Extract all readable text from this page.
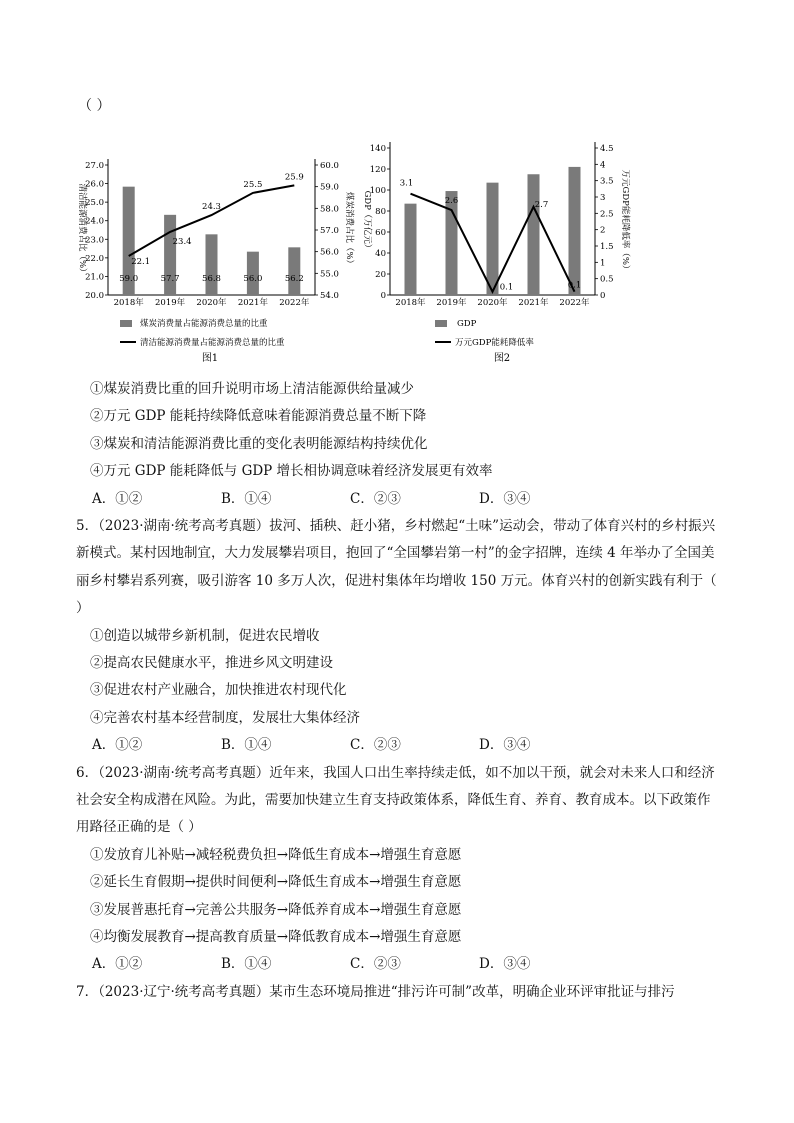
（ ）
20.0
21.0
22.0
23.0
24.0
25.0
26.0
27.0
54.0
55.0
56.0
57.0
58.0
59.0
60.0
2018年 2019年 2020年 2021年 2022年
清洁能源消费占比（%）	煤炭消费占比（%）
59.0	57.7	56.8	56.0	56.2
22.1
23.4
24.3
25.5
25.9
煤炭消费量占能源消费总量的比重
清洁能源消费量占能源消费总量的比重
图1
0
20
40
60
80
100
120
140
0
0.5
1
1.5
2
2.5
3
3.5
4
4.5
2018年 2019年 2020年 2021年 2022年
GDP（万亿元）	万元GDP能耗降低率（%）
3.1
2.6
0.1
2.7
0.1
GDP
万元GDP能耗降低率
图2
①煤炭消费比重的回升说明市场上清洁能源供给量减少
②万元 GDP 能耗持续降低意味着能源消费总量不断下降
③煤炭和清洁能源消费比重的变化表明能源结构持续优化
④万元 GDP 能耗降低与 GDP 增长相协调意味着经济发展更有效率
A．①②	B．①④	C．②③	D．③④
5．（2023·湖南·统考高考真题）拔河、插秧、赶小猪，乡村燃起“土味”运动会，带动了体育兴村的乡村振兴新模式。某村因地制宜，大力发展攀岩项目，抱回了“全国攀岩第一村”的金字招牌，连续 4 年举办了全国美丽乡村攀岩系列赛，吸引游客 10 多万人次，促进村集体年均增收 150 万元。体育兴村的创新实践有利于（ ）
①创造以城带乡新机制，促进农民增收
②提高农民健康水平，推进乡风文明建设
③促进农村产业融合，加快推进农村现代化
④完善农村基本经营制度，发展壮大集体经济
A．①②	B．①④	C．②③	D．③④
6．（2023·湖南·统考高考真题）近年来，我国人口出生率持续走低，如不加以干预，就会对未来人口和经济社会安全构成潜在风险。为此，需要加快建立生育支持政策体系，降低生育、养育、教育成本。以下政策作用路径正确的是（ ）
①发放育儿补贴→减轻税费负担→降低生育成本→增强生育意愿
②延长生育假期→提供时间便利→降低生育成本→增强生育意愿
③发展普惠托育→完善公共服务→降低养育成本→增强生育意愿
④均衡发展教育→提高教育质量→降低教育成本→增强生育意愿
A．①②	B．①④	C．②③	D．③④
7．（2023·辽宁·统考高考真题）某市生态环境局推进“排污许可制”改革，明确企业环评审批证与排污
